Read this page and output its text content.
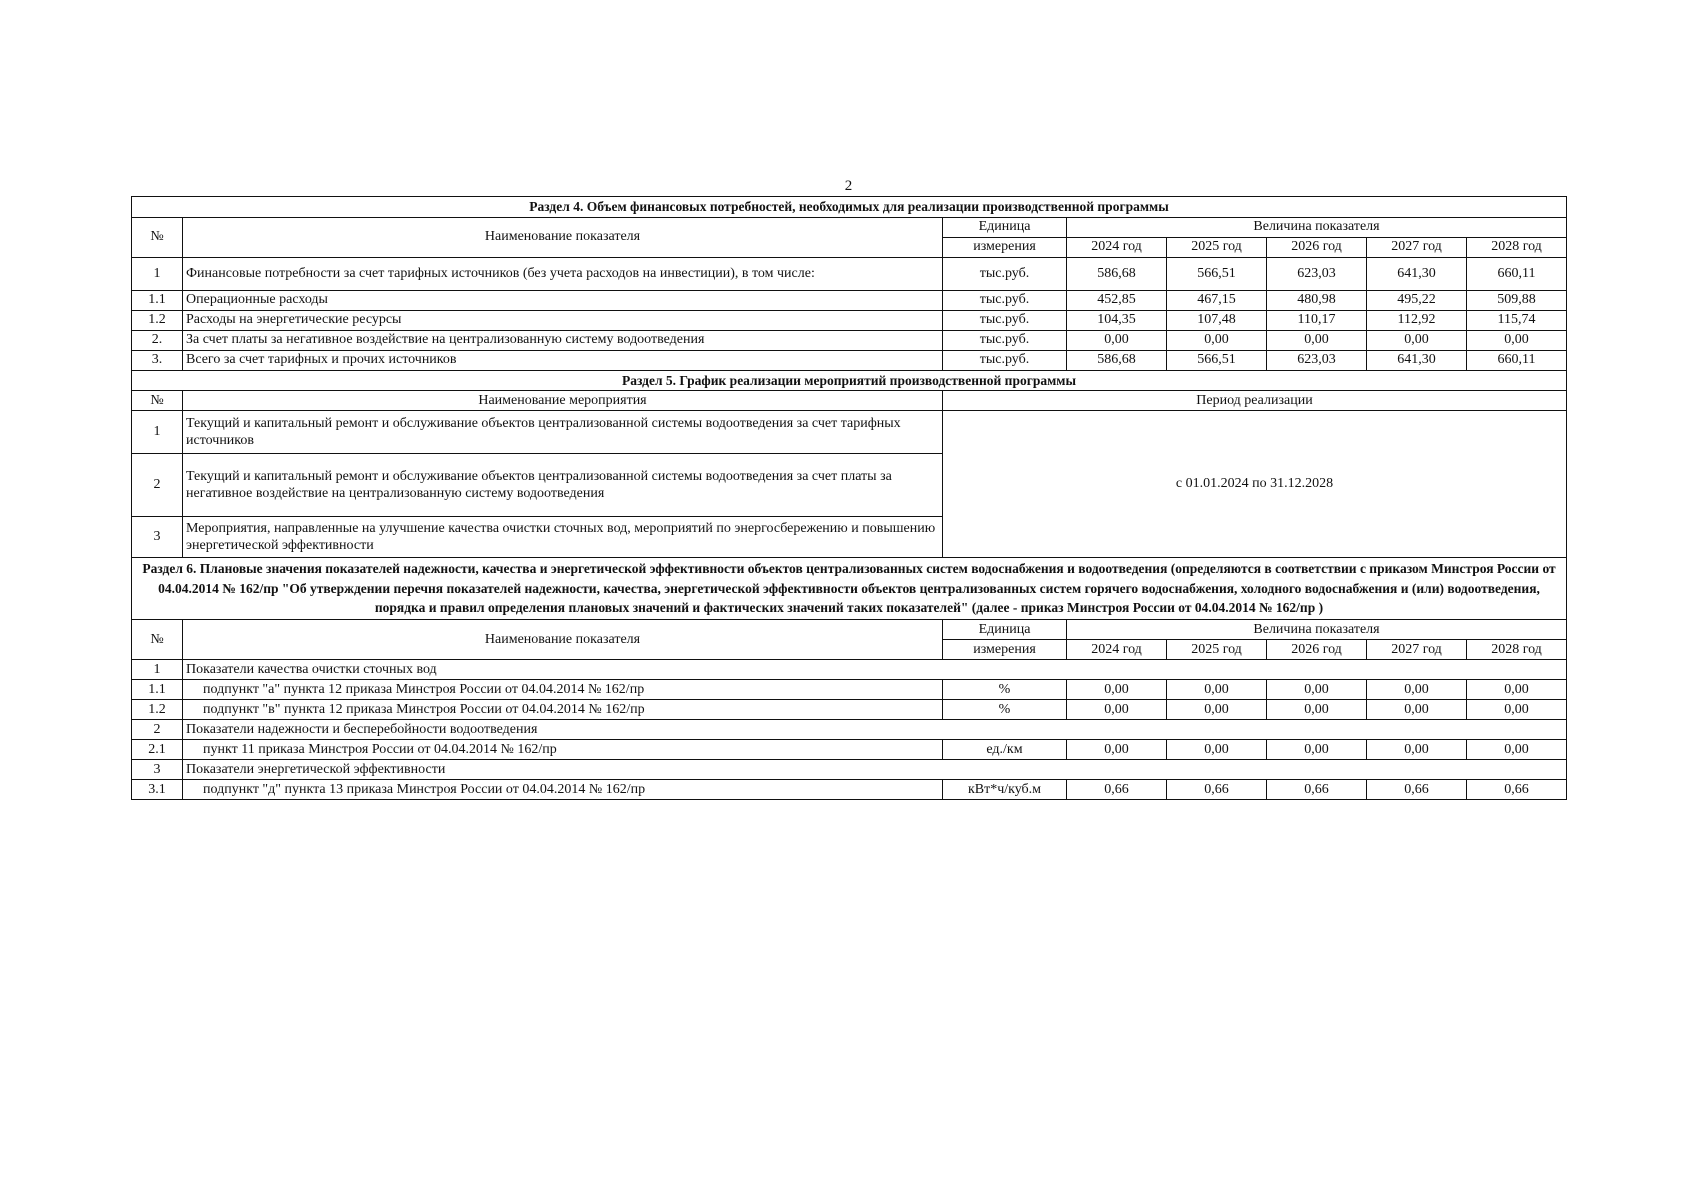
2
Раздел 4. Объем финансовых потребностей, необходимых для реализации производственной программы							
№	Наименование показателя	Единица	Величина показателя				
		измерения	2024 год	2025 год	2026 год	2027 год	2028 год
1	Финансовые потребности за счет тарифных источников (без учета расходов на инвестиции), в том числе:	тыс.руб.	586,68	566,51	623,03	641,30	660,11
1.1	Операционные расходы	тыс.руб.	452,85	467,15	480,98	495,22	509,88
1.2	Расходы на энергетические ресурсы	тыс.руб.	104,35	107,48	110,17	112,92	115,74
2.	За счет платы за негативное воздействие на централизованную систему водоотведения	тыс.руб.	0,00	0,00	0,00	0,00	0,00
3.	Всего за счет тарифных и прочих источников	тыс.руб.	586,68	566,51	623,03	641,30	660,11
Раздел 5. График реализации мероприятий производственной программы							
№	Наименование мероприятия	Период реализации					
1	Текущий и капитальный ремонт и обслуживание объектов централизованной системы водоотведения за счет тарифных источников	с 01.01.2024 по 31.12.2028					
2	Текущий и капитальный ремонт и обслуживание объектов централизованной системы водоотведения за счет платы за негативное воздействие на централизованную систему водоотведения						
3	Мероприятия, направленные на улучшение качества очистки сточных вод, мероприятий по энергосбережению и повышению энергетической эффективности						
Раздел 6. Плановые значения показателей надежности, качества и энергетической эффективности объектов централизованных систем водоснабжения и водоотведения (определяются в соответствии с приказом Минстроя России от 04.04.2014 № 162/пр "Об утверждении перечня показателей надежности, качества, энергетической эффективности объектов централизованных систем горячего водоснабжения, холодного водоснабжения и (или) водоотведения, порядка и правил определения плановых значений и фактических значений таких показателей" (далее - приказ Минстроя России от 04.04.2014 № 162/пр )							
№	Наименование показателя	Единица	Величина показателя				
		измерения	2024 год	2025 год	2026 год	2027 год	2028 год
1	Показатели качества очистки сточных вод						
1.1	подпункт "а" пункта 12 приказа Минстроя России от 04.04.2014 № 162/пр	%	0,00	0,00	0,00	0,00	0,00
1.2	подпункт "в" пункта 12 приказа Минстроя России от 04.04.2014 № 162/пр	%	0,00	0,00	0,00	0,00	0,00
2	Показатели надежности и бесперебойности водоотведения						
2.1	пункт 11 приказа Минстроя России от 04.04.2014 № 162/пр	ед./км	0,00	0,00	0,00	0,00	0,00
3	Показатели энергетической эффективности						
3.1	подпункт "д" пункта 13 приказа Минстроя России от 04.04.2014 № 162/пр	кВт*ч/куб.м	0,66	0,66	0,66	0,66	0,66
